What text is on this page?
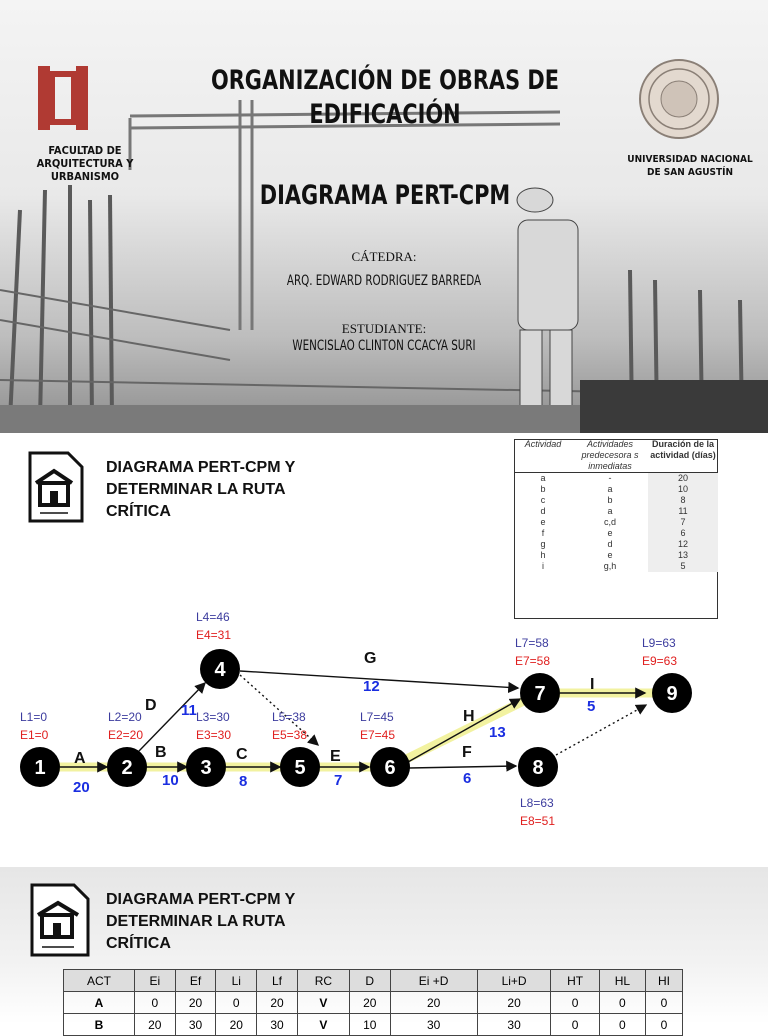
FACULTAD DE ARQUITECTURA Y URBANISMO
UNIVERSIDAD NACIONAL DE SAN AGUSTÍN
ORGANIZACIÓN DE OBRAS DE EDIFICACIÓN
DIAGRAMA PERT-CPM
CÁTEDRA:
ARQ. EDWARD RODRIGUEZ BARREDA
ESTUDIANTE:
WENCISLAO CLINTON CCACYA SURI
DIAGRAMA PERT-CPM Y DETERMINAR LA RUTA CRÍTICA
Actividad	Actividades predecesora s inmediatas	Duración de la actividad (días)
a	-	20
b	a	10
c	b	8
d	a	11
e	c,d	7
f	e	6
g	d	12
h	e	13
i	g,h	5
A	B	C
D
E	F
G
H
I
20	10	8
11
7	6
12
13
5
1	2	3
4
5	6
7
8
9
L1=0
E1=0
L2=20
E2=20
L3=30
E3=30
L4=46
E4=31
L5=38
E5=38
L7=45
E7=45
L7=58
E7=58
L8=63
E8=51
L9=63
E9=63
DIAGRAMA PERT-CPM Y DETERMINAR LA RUTA CRÍTICA
ACT	Ei	Ef	Li	Lf	RC	D	Ei +D	Li+D	HT	HL	HI
A	0	20	0	20	V	20	20	20	0	0	0
B	20	30	20	30	V	10	30	30	0	0	0
